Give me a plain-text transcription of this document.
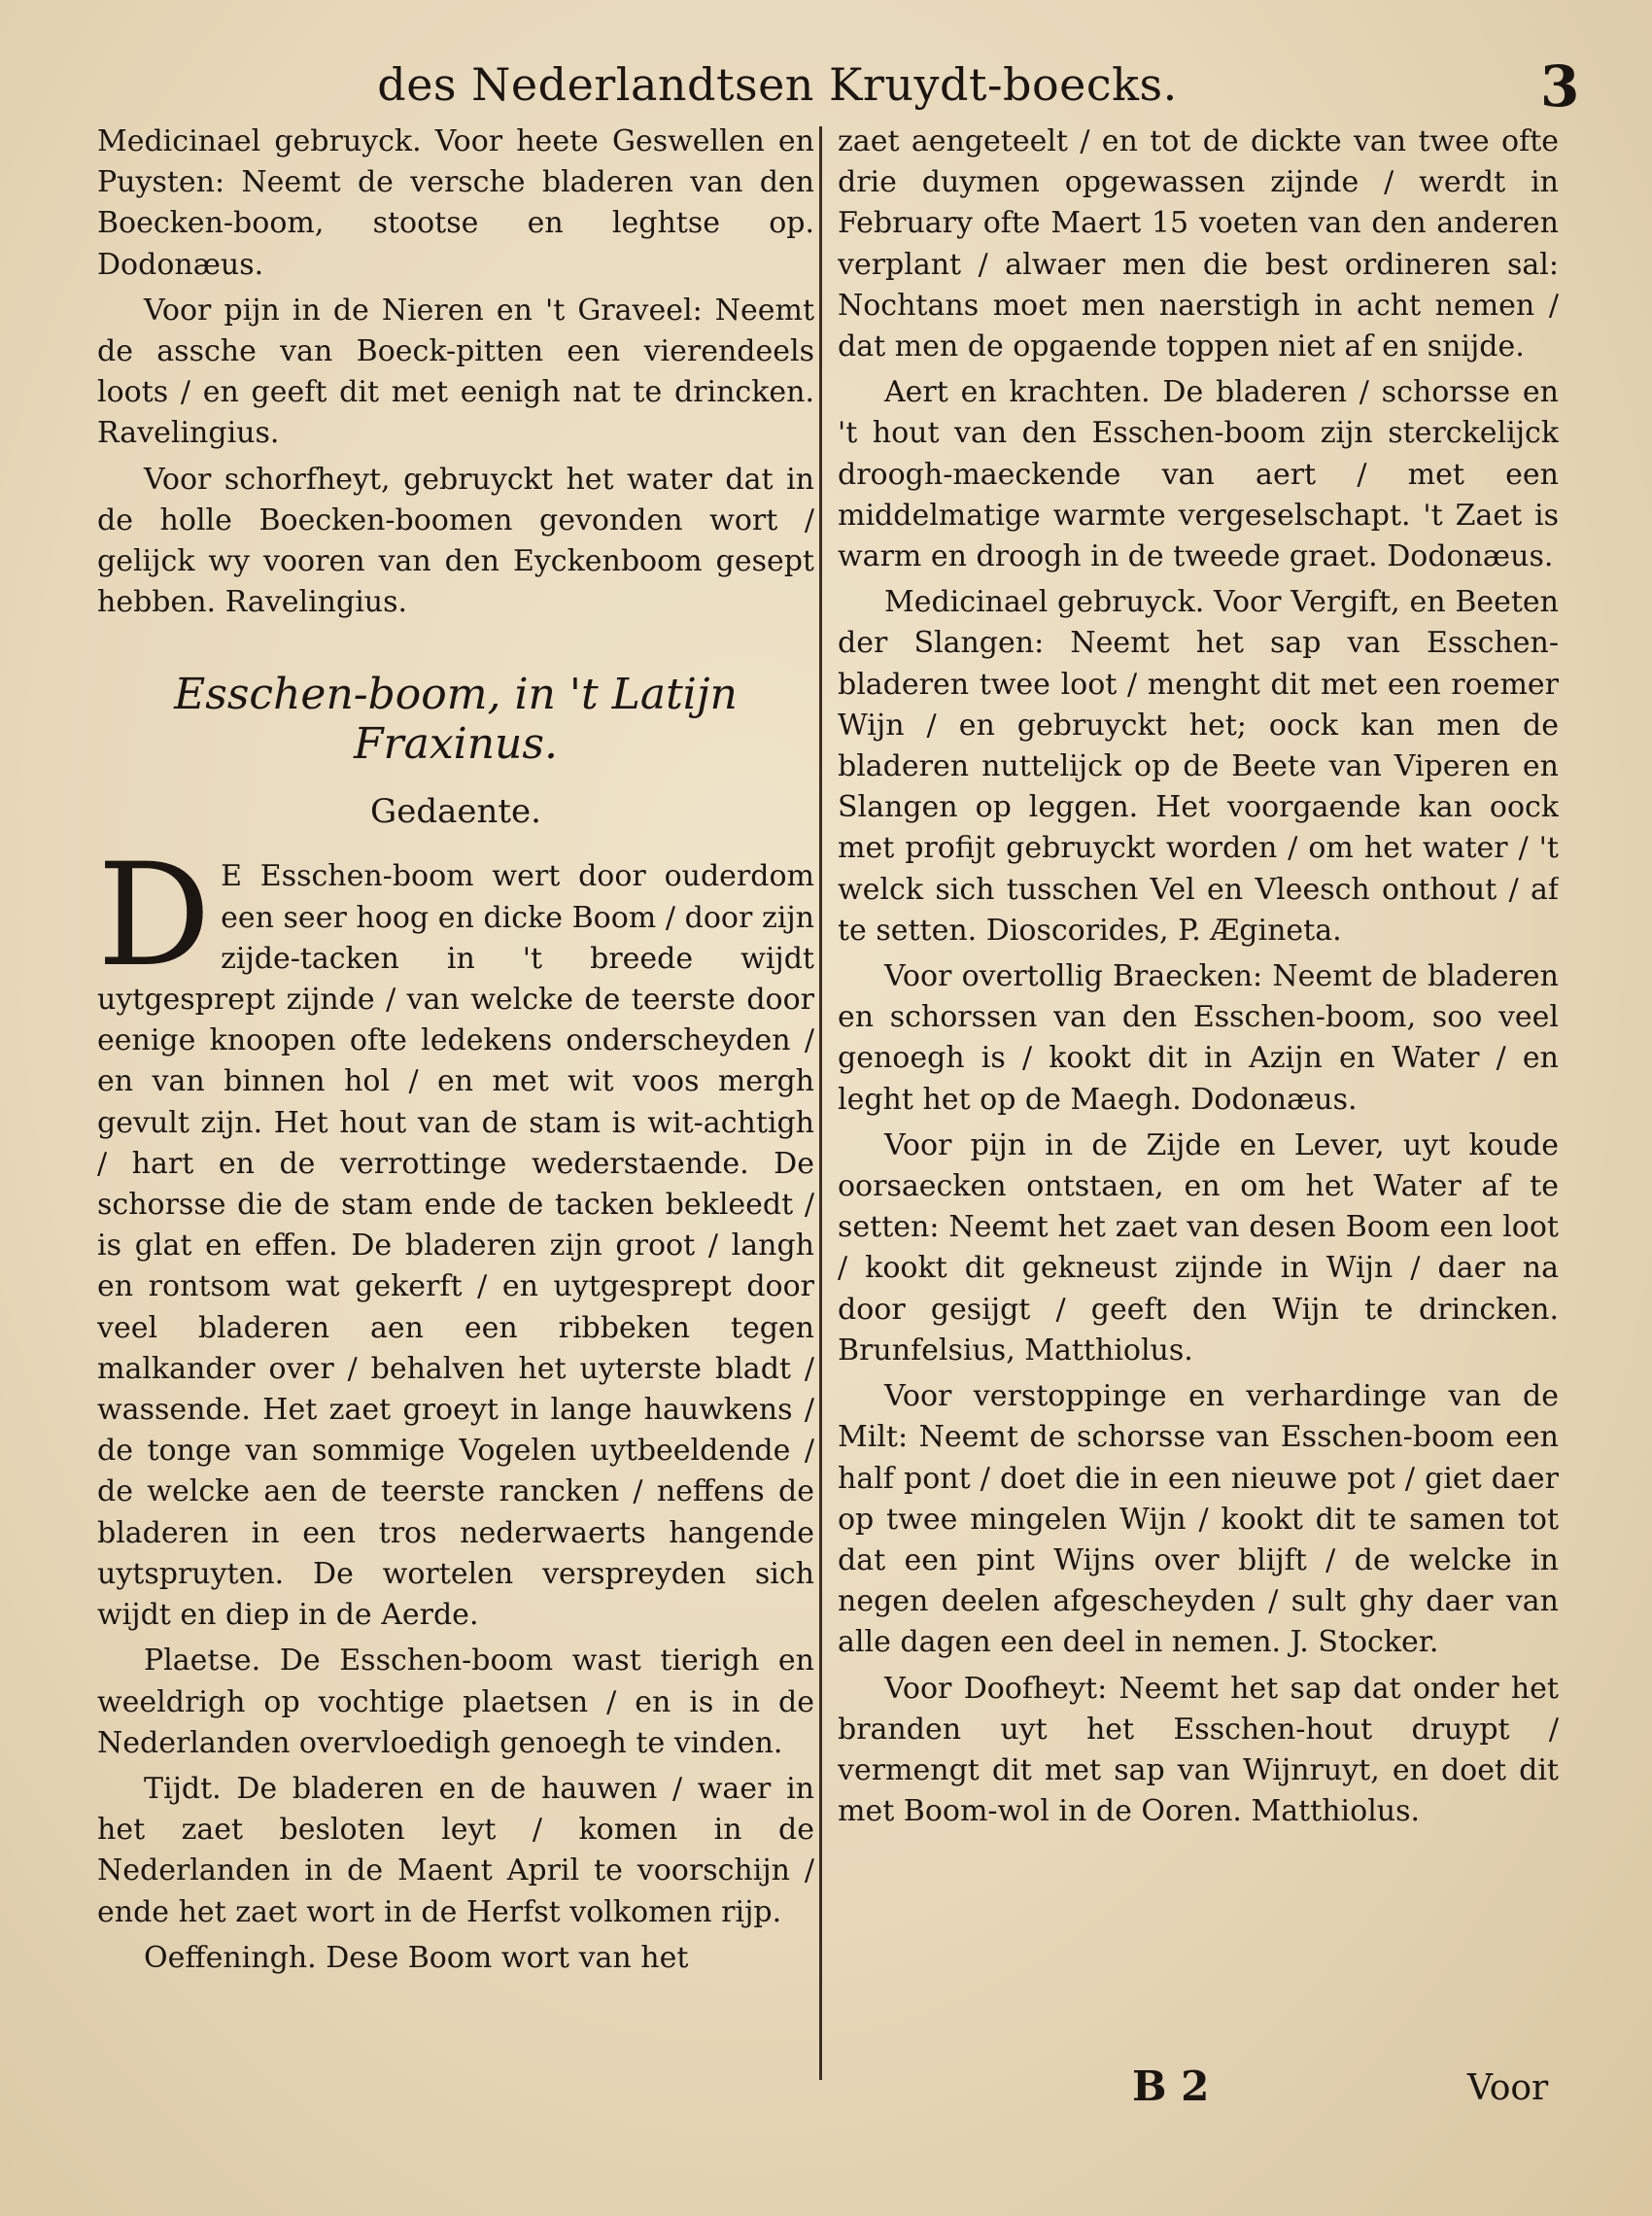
des Nederlandtsen Kruydt-boecks.	3

Medicinael gebruyck. Voor heete Geswellen en Puysten: Neemt de versche bladeren van den Boecken-boom, stootse en leghtse op. Dodonæus.

Voor pijn in de Nieren en 't Graveel: Neemt de assche van Boeck-pitten een vierendeels loots / en geeft dit met eenigh nat te drincken. Ravelingius.

Voor schorfheyt, gebruyckt het water dat in de holle Boecken-boomen gevonden wort / gelijck wy vooren van den Eyckenboom gesept hebben. Ravelingius.

Esschen-boom, in 't Latijn Fraxinus.
Gedaente.

D E Esschen-boom wert door ouderdom een seer hoog en dicke Boom / door zijn zijde-tacken in 't breede wijdt uytgesprept zijnde / van welcke de teerste door eenige knoopen ofte ledekens onderscheyden / en van binnen hol / en met wit voos mergh gevult zijn. Het hout van de stam is wit-achtigh / hart en de verrottinge wederstaende. De schorsse die de stam ende de tacken bekleedt / is glat en effen. De bladeren zijn groot / langh en rontsom wat gekerft / en uytgesprept door veel bladeren aen een ribbeken tegen malkander over / behalven het uyterste bladt / wassende. Het zaet groeyt in lange hauwkens / de tonge van sommige Vogelen uytbeeldende / de welcke aen de teerste rancken / neffens de bladeren in een tros nederwaerts hangende uytspruyten. De wortelen verspreyden sich wijdt en diep in de Aerde.

Plaetse. De Esschen-boom wast tierigh en weeldrigh op vochtige plaetsen / en is in de Nederlanden overvloedigh genoegh te vinden.

Tijdt. De bladeren en de hauwen / waer in het zaet besloten leyt / komen in de Nederlanden in de Maent April te voorschijn / ende het zaet wort in de Herfst volkomen rijp.

Oeffeningh. Dese Boom wort van het

zaet aengeteelt / en tot de dickte van twee ofte drie duymen opgewassen zijnde / werdt in February ofte Maert 15 voeten van den anderen verplant / alwaer men die best ordineren sal: Nochtans moet men naerstigh in acht nemen / dat men de opgaende toppen niet af en snijde.

Aert en krachten. De bladeren / schorsse en 't hout van den Esschen-boom zijn sterckelijck droogh-maeckende van aert / met een middelmatige warmte vergeselschapt. 't Zaet is warm en droogh in de tweede graet. Dodonæus.

Medicinael gebruyck. Voor Vergift, en Beeten der Slangen: Neemt het sap van Esschen-bladeren twee loot / menght dit met een roemer Wijn / en gebruyckt het; oock kan men de bladeren nuttelijck op de Beete van Viperen en Slangen op leggen. Het voorgaende kan oock met profijt gebruyckt worden / om het water / 't welck sich tusschen Vel en Vleesch onthout / af te setten. Dioscorides, P. Ægineta.

Voor overtollig Braecken: Neemt de bladeren en schorssen van den Esschen-boom, soo veel genoegh is / kookt dit in Azijn en Water / en leght het op de Maegh. Dodonæus.

Voor pijn in de Zijde en Lever, uyt koude oorsaecken ontstaen, en om het Water af te setten: Neemt het zaet van desen Boom een loot / kookt dit gekneust zijnde in Wijn / daer na door gesijgt / geeft den Wijn te drincken. Brunfelsius, Matthiolus.

Voor verstoppinge en verhardinge van de Milt: Neemt de schorsse van Esschen-boom een half pont / doet die in een nieuwe pot / giet daer op twee mingelen Wijn / kookt dit te samen tot dat een pint Wijns over blijft / de welcke in negen deelen afgescheyden / sult ghy daer van alle dagen een deel in nemen. J. Stocker.

Voor Doofheyt: Neemt het sap dat onder het branden uyt het Esschen-hout druypt / vermengt dit met sap van Wijnruyt, en doet dit met Boom-wol in de Ooren. Matthiolus.

B 2	Voor
